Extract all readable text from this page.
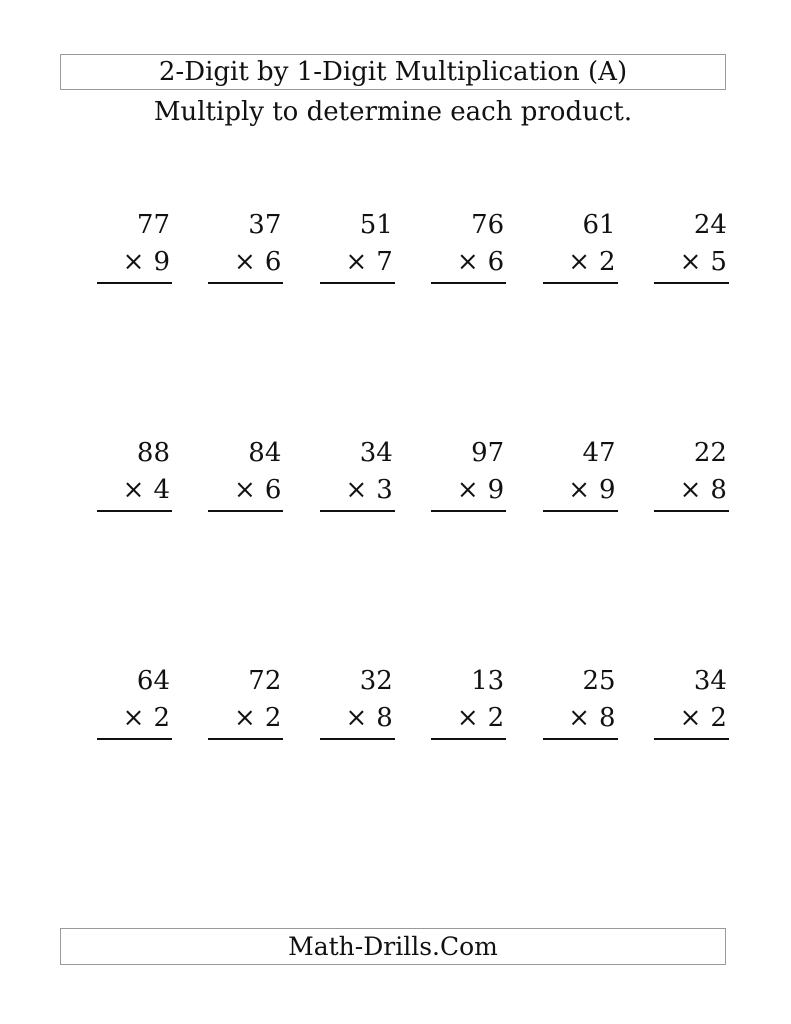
2-Digit by 1-Digit Multiplication (A)
Multiply to determine each product.
77
× 9
37
× 6
51
× 7
76
× 6
61
× 2
24
× 5
88
× 4
84
× 6
34
× 3
97
× 9
47
× 9
22
× 8
64
× 2
72
× 2
32
× 8
13
× 2
25
× 8
34
× 2
Math-Drills.Com
